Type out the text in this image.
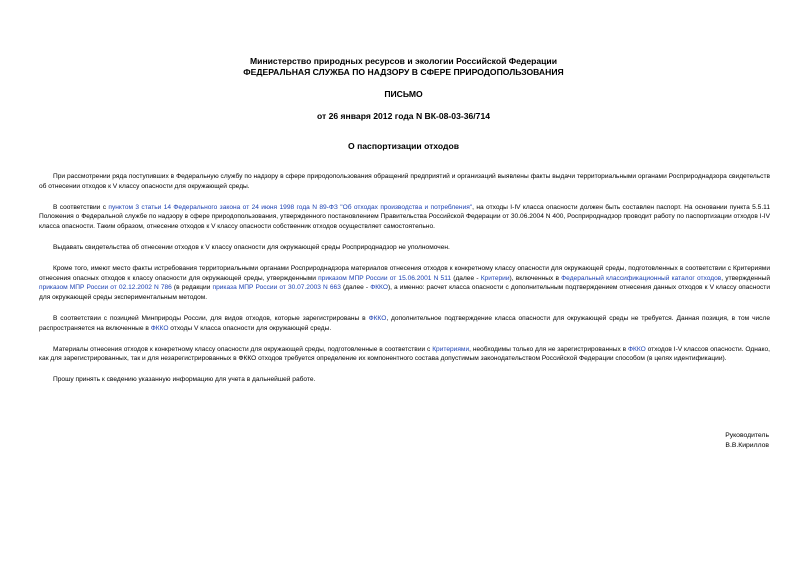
Министерство природных ресурсов и экологии Российской Федерации
ФЕДЕРАЛЬНАЯ СЛУЖБА ПО НАДЗОРУ В СФЕРЕ ПРИРОДОПОЛЬЗОВАНИЯ
ПИСЬМО
от 26 января 2012 года N ВК-08-03-36/714
О паспортизации отходов

При рассмотрении ряда поступивших в Федеральную службу по надзору в сфере природопользования обращений предприятий и организаций выявлены факты выдачи территориальными органами Росприроднадзора свидетельств об отнесении отходов к V классу опасности для окружающей среды.

В соответствии с пунктом 3 статьи 14 Федерального закона от 24 июня 1998 года N 89-ФЗ "Об отходах производства и потребления", на отходы I-IV класса опасности должен быть составлен паспорт. На основании пункта 5.5.11 Положения о Федеральной службе по надзору в сфере природопользования, утвержденного постановлением Правительства Российской Федерации от 30.06.2004 N 400, Росприроднадзор проводит работу по паспортизации отходов I-IV класса опасности. Таким образом, отнесение отходов к V классу опасности собственник отходов осуществляет самостоятельно.

Выдавать свидетельства об отнесении отходов к V классу опасности для окружающей среды Росприроднадзор не уполномочен.

Кроме того, имеют место факты истребования территориальными органами Росприроднадзора материалов отнесения отходов к конкретному классу опасности для окружающей среды, подготовленных в соответствии с Критериями отнесения опасных отходов к классу опасности для окружающей среды, утвержденными приказом МПР России от 15.06.2001 N 511 (далее - Критерии), включенных в Федеральный классификационный каталог отходов, утвержденный приказом МПР России от 02.12.2002 N 786 (в редакции приказа МПР России от 30.07.2003 N 663 (далее - ФККО), а именно: расчет класса опасности с дополнительным подтверждением отнесения данных отходов к V классу опасности для окружающей среды экспериментальным методом.

В соответствии с позицией Минприроды России, для видов отходов, которые зарегистрированы в ФККО, дополнительное подтверждение класса опасности для окружающей среды не требуется. Данная позиция, в том числе распространяется на включенные в ФККО отходы V класса опасности для окружающей среды.

Материалы отнесения отходов к конкретному классу опасности для окружающей среды, подготовленные в соответствии с Критериями, необходимы только для не зарегистрированных в ФККО отходов I-V классов опасности. Однако, как для зарегистрированных, так и для незарегистрированных в ФККО отходов требуется определение их компонентного состава допустимым законодательством Российской Федерации способом (в целях идентификации).

Прошу принять к сведению указанную информацию для учета в дальнейшей работе.

Руководитель
В.В.Кириллов
